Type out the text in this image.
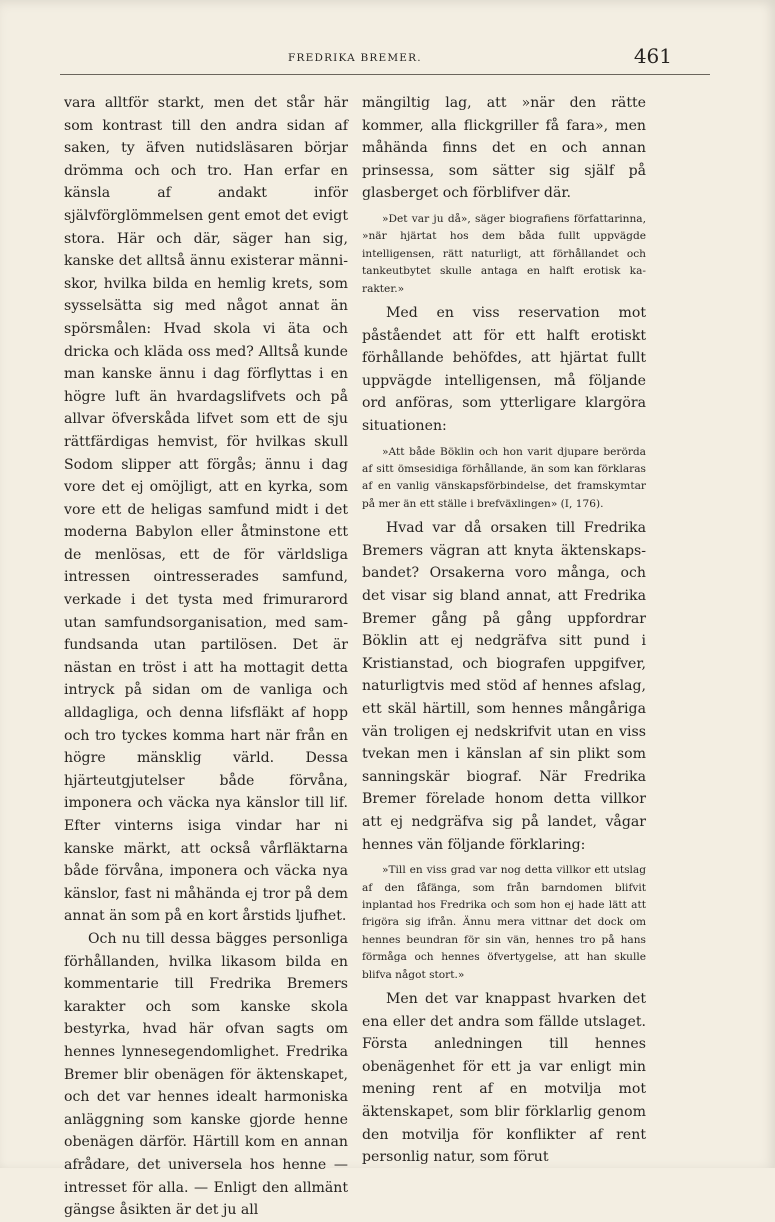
FREDRIKA BREMER.	461

vara alltför starkt, men det står här som kontrast till den andra sidan af saken, ty äfven nutidsläsaren börjar drömma och och tro. Han erfar en känsla af andakt inför självförglömmelsen gent emot det evigt stora. Här och där, säger han sig, kanske det alltså ännu existerar människor, hvilka bilda en hemlig krets, som sysselsätta sig med något annat än spörsmålen: Hvad skola vi äta och dricka och kläda oss med? Alltså kunde man kanske ännu i dag förflyttas i en högre luft än hvardagslifvets och på allvar öfverskåda lifvet som ett de sju rättfärdigas hemvist, för hvilkas skull Sodom slipper att förgås; ännu i dag vore det ej omöjligt, att en kyrka, som vore ett de heligas samfund midt i det moderna Babylon eller åtminstone ett de menlösas, ett de för världsliga intressen ointresserades samfund, verkade i det tysta med frimurarord utan samfundsorganisation, med samfundsanda utan partilösen. Det är nästan en tröst i att ha mottagit detta intryck på sidan om de vanliga och alldagliga, och denna lifsfläkt af hopp och tro tyckes komma hart när från en högre mänsklig värld. Dessa hjärteutgjutelser både förvåna, imponera och väcka nya känslor till lif. Efter vinterns isiga vindar har ni kanske märkt, att också vårfläktarna både förvåna, imponera och väcka nya känslor, fast ni måhända ej tror på dem annat än som på en kort årstids ljufhet.

Och nu till dessa bägges personliga förhållanden, hvilka likasom bilda en kommentarie till Fredrika Bremers karakter och som kanske skola bestyrka, hvad här ofvan sagts om hennes lynnesegendomlighet. Fredrika Bremer blir obenägen för äktenskapet, och det var hennes idealt harmoniska anläggning som kanske gjorde henne obenägen därför. Härtill kom en annan afrådare, det universela hos henne — intresset för alla. — Enligt den allmänt gängse åsikten är det ju all

mängiltig lag, att »när den rätte kommer, alla flickgriller få fara», men måhända finns det en och annan prinsessa, som sätter sig själf på glasberget och förblifver där.

»Det var ju då», säger biografiens författarinna, »när hjärtat hos dem båda fullt uppvägde intelligensen, rätt naturligt, att förhållandet och tankeutbytet skulle antaga en halft erotisk karakter.»

Med en viss reservation mot påståendet att för ett halft erotiskt förhållande behöfdes, att hjärtat fullt uppvägde intelligensen, må följande ord anföras, som ytterligare klargöra situationen:

»Att både Böklin och hon varit djupare berörda af sitt ömsesidiga förhållande, än som kan förklaras af en vanlig vänskapsförbindelse, det framskymtar på mer än ett ställe i brefväxlingen» (I, 176).

Hvad var då orsaken till Fredrika Bremers vägran att knyta äktenskapsbandet? Orsakerna voro många, och det visar sig bland annat, att Fredrika Bremer gång på gång uppfordrar Böklin att ej nedgräfva sitt pund i Kristianstad, och biografen uppgifver, naturligtvis med stöd af hennes afslag, ett skäl härtill, som hennes mångåriga vän troligen ej nedskrifvit utan en viss tvekan men i känslan af sin plikt som sanningskär biograf. När Fredrika Bremer förelade honom detta villkor att ej nedgräfva sig på landet, vågar hennes vän följande förklaring:

»Till en viss grad var nog detta villkor ett utslag af den fåfänga, som från barndomen blifvit inplantad hos Fredrika och som hon ej hade lätt att frigöra sig ifrån. Ännu mera vittnar det dock om hennes beundran för sin vän, hennes tro på hans förmåga och hennes öfvertygelse, att han skulle blifva något stort.»

Men det var knappast hvarken det ena eller det andra som fällde utslaget. Första anledningen till hennes obenägenhet för ett ja var enligt min mening rent af en motvilja mot äktenskapet, som blir förklarlig genom den motvilja för konflikter af rent personlig natur, som förut
